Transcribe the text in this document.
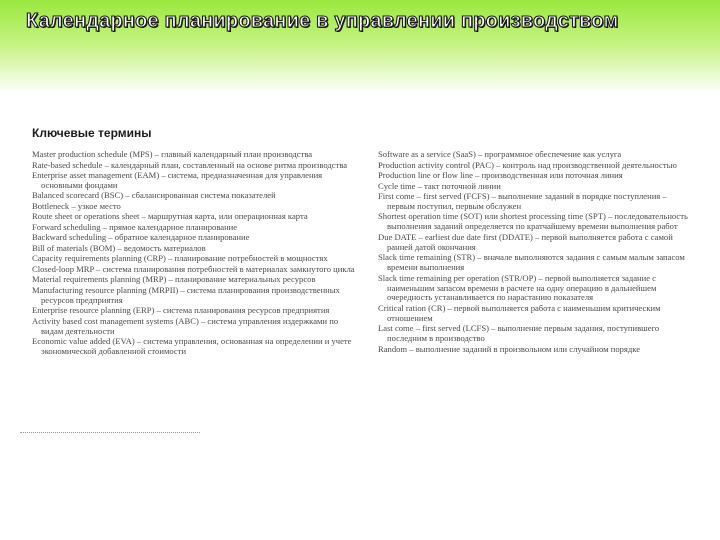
Календарное планирование в управлении производством
Ключевые термины
Master production schedule (MPS) – главный календарный план производства
Rate-based schedule – календарный план, составленный на основе ритма производства
Enterprise asset management (EAM) – система, предназначенная для управления основными фондами
Balanced scorecard (BSC) – сбалансированная система показателей
Bottleneck – узкое место
Route sheet or operations sheet – маршрутная карта, или операционная карта
Forward scheduling – прямое календарное планирование
Backward scheduling – обратное календарное планирование
Bill of materials (BOM) – ведомость материалов
Capacity requirements planning (CRP) – планирование потребностей в мощностях
Closed-loop MRP – система планирования потребностей в материалах замкнутого цикла
Material requirements planning (MRP) – планирование материальных ресурсов
Manufacturing resource planning (MRPII) – система планирования производственных ресурсов предприятия
Enterprise resource planning (ERP) – система планирования ресурсов предприятия
Activity based cost management systems (ABC) – система управления издержками по видам деятельности
Economic value added (EVA) – система управления, основанная на определении и учете экономической добавленной стоимости
Software as a service (SaaS) – программное обеспечение как услуга
Production activity control (PAC) – контроль над производственной деятельностью
Production line or flow line – производственная или поточная линия
Cycle time – такт поточной линии
First come – first served (FCFS) – выполнение заданий в порядке поступления – первым поступил, первым обслужен
Shortest operation time (SOT) или shortest processing time (SPT) – последовательность выполнения заданий определяется по кратчайшему времени выполнения работ
Due DATE – earliest due date first (DDATE) – первой выполняется работа с самой ранней датой окончания
Slack time remaining (STR) – вначале выполняются задания с самым малым запасом времени выполнения
Slack time remaining per operation (STR/OP) – первой выполняется задание с наименьшим запасом времени в расчете на одну операцию в дальнейшем очередность устанавливается по нарастанию показателя
Critical ration (CR) – первой выполняется работа с наименьшим критическим отношением
Last come – first served (LCFS) – выполнение первым задания, поступившего последним в производство
Random – выполнение заданий в произвольном или случайном порядке
